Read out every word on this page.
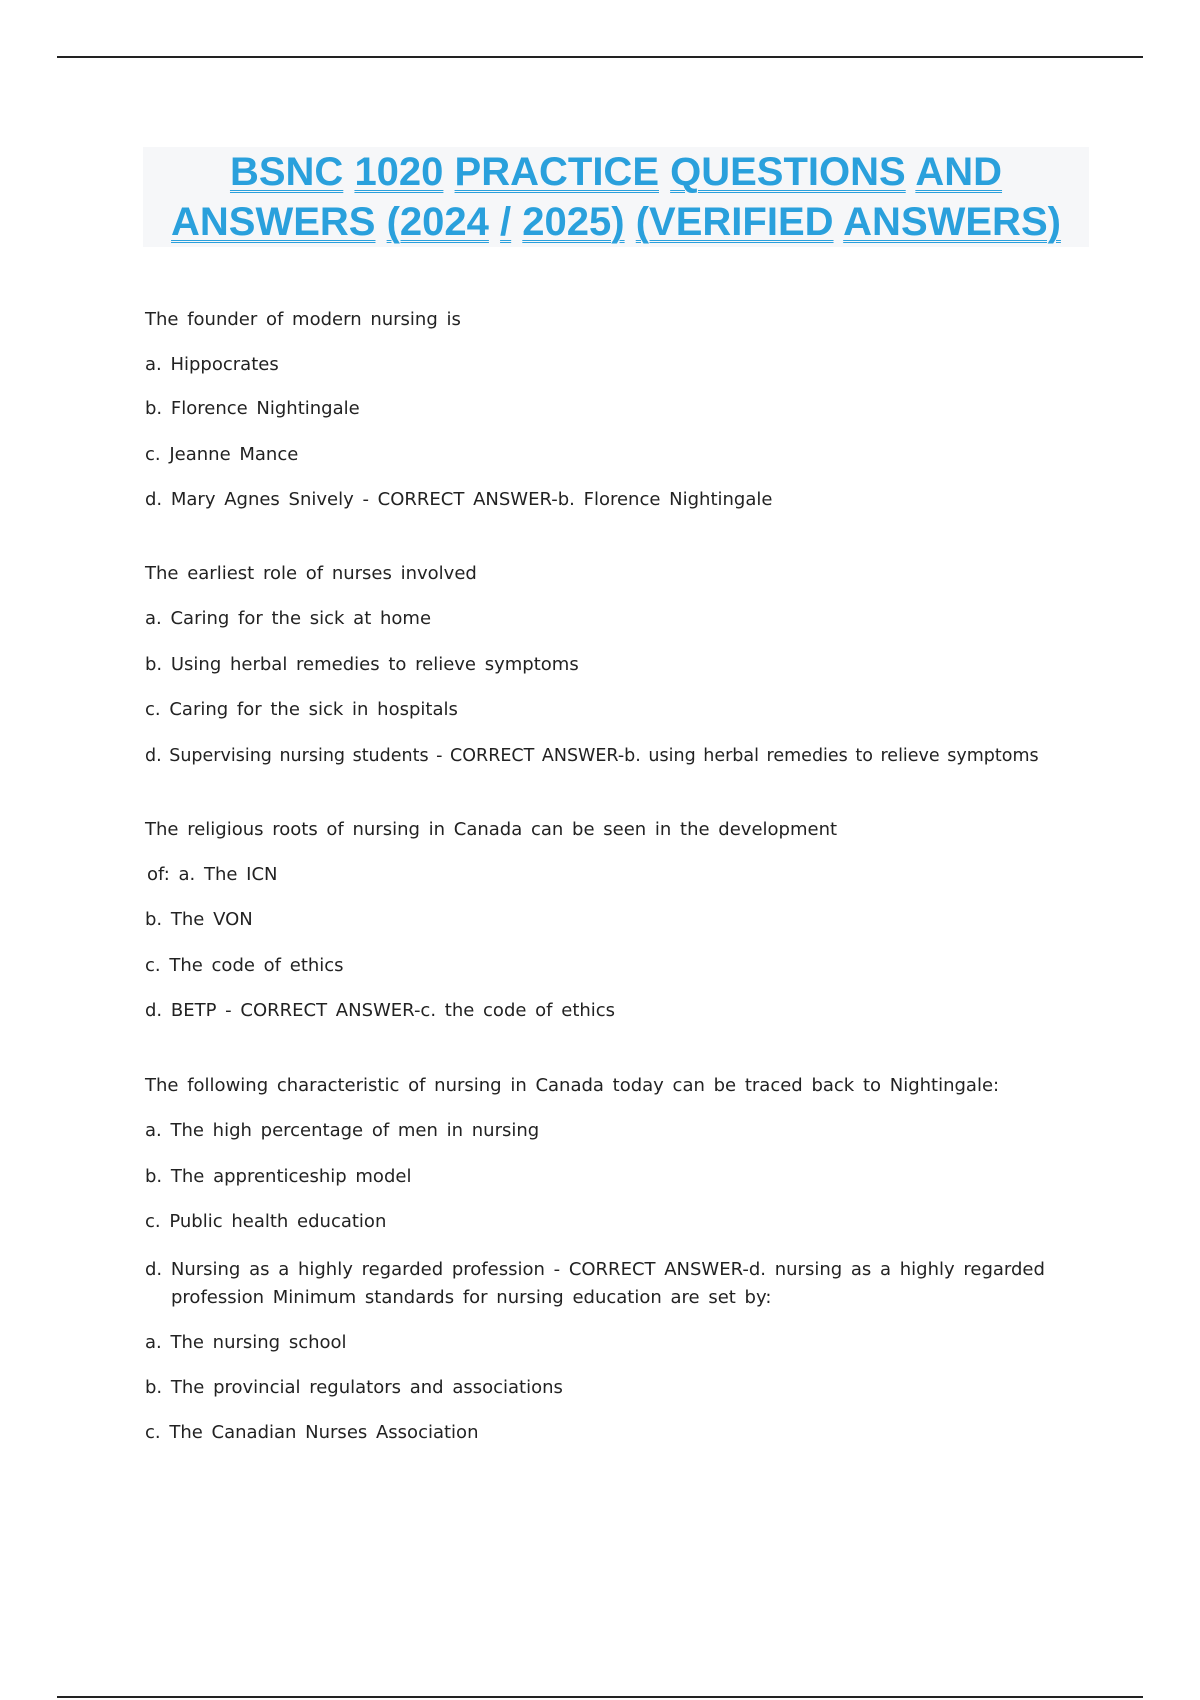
BSNC 1020 PRACTICE QUESTIONS AND
ANSWERS (2024 / 2025) (VERIFIED ANSWERS)
The founder of modern nursing is
a. Hippocrates
b. Florence Nightingale
c. Jeanne Mance
d. Mary Agnes Snively - CORRECT ANSWER-b. Florence Nightingale
The earliest role of nurses involved
a. Caring for the sick at home
b. Using herbal remedies to relieve symptoms
c. Caring for the sick in hospitals
d. Supervising nursing students - CORRECT ANSWER-b. using herbal remedies to relieve symptoms
The religious roots of nursing in Canada can be seen in the development
of: a. The ICN
b. The VON
c. The code of ethics
d. BETP - CORRECT ANSWER-c. the code of ethics
The following characteristic of nursing in Canada today can be traced back to Nightingale:
a. The high percentage of men in nursing
b. The apprenticeship model
c. Public health education
d. Nursing as a highly regarded profession - CORRECT ANSWER-d. nursing as a highly regarded profession Minimum standards for nursing education are set by:
a. The nursing school
b. The provincial regulators and associations
c. The Canadian Nurses Association
